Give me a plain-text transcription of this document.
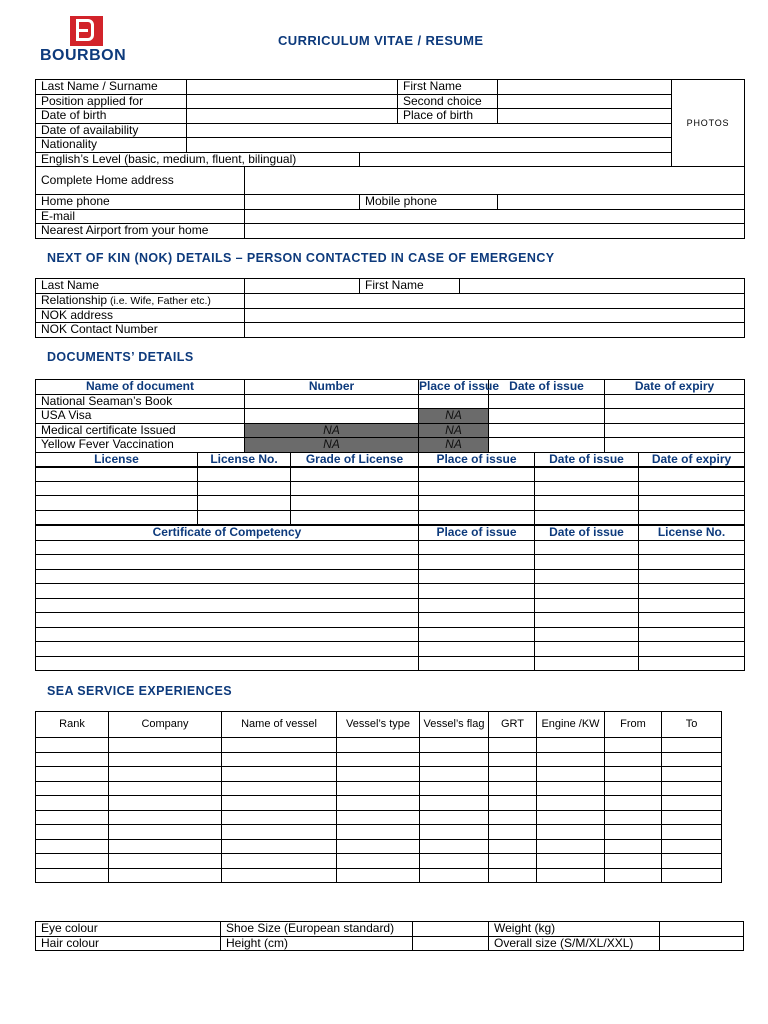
BOURBON
CURRICULUM VITAE / RESUME
Last Name / Surname				First Name		PHOTOS
Position applied for				Second choice		
Date of birth				Place of birth		
Date of availability						
Nationality						
English’s Level (basic, medium, fluent, bilingual)						
Complete Home address						
Home phone			Mobile phone			
E-mail						
Nearest Airport from your home						
NEXT OF KIN (NOK) DETAILS – PERSON CONTACTED IN CASE OF EMERGENCY
Last Name		First Name	
Relationship (i.e. Wife, Father etc.)			
NOK address			
NOK Contact Number			
DOCUMENTS’ DETAILS
Name of document	Number	Place of issue	Date of issue	Date of expiry
National Seaman’s Book				
USA Visa		NA		
Medical certificate Issued	NA	NA		
Yellow Fever Vaccination	NA	NA		

License	License No.	Grade of License	Place of issue	Date of issue	Date of expiry
Certificate of Competency	Place of issue	Date of issue	License No.

SEA SERVICE EXPERIENCES
Rank	Company	Name of vessel	Vessel’s type	Vessel’s flag	GRT	Engine /KW	From	To

Eye colour	Shoe Size (European standard)		Weight (kg)	
Hair colour	Height (cm)		Overall size (S/M/XL/XXL)	
